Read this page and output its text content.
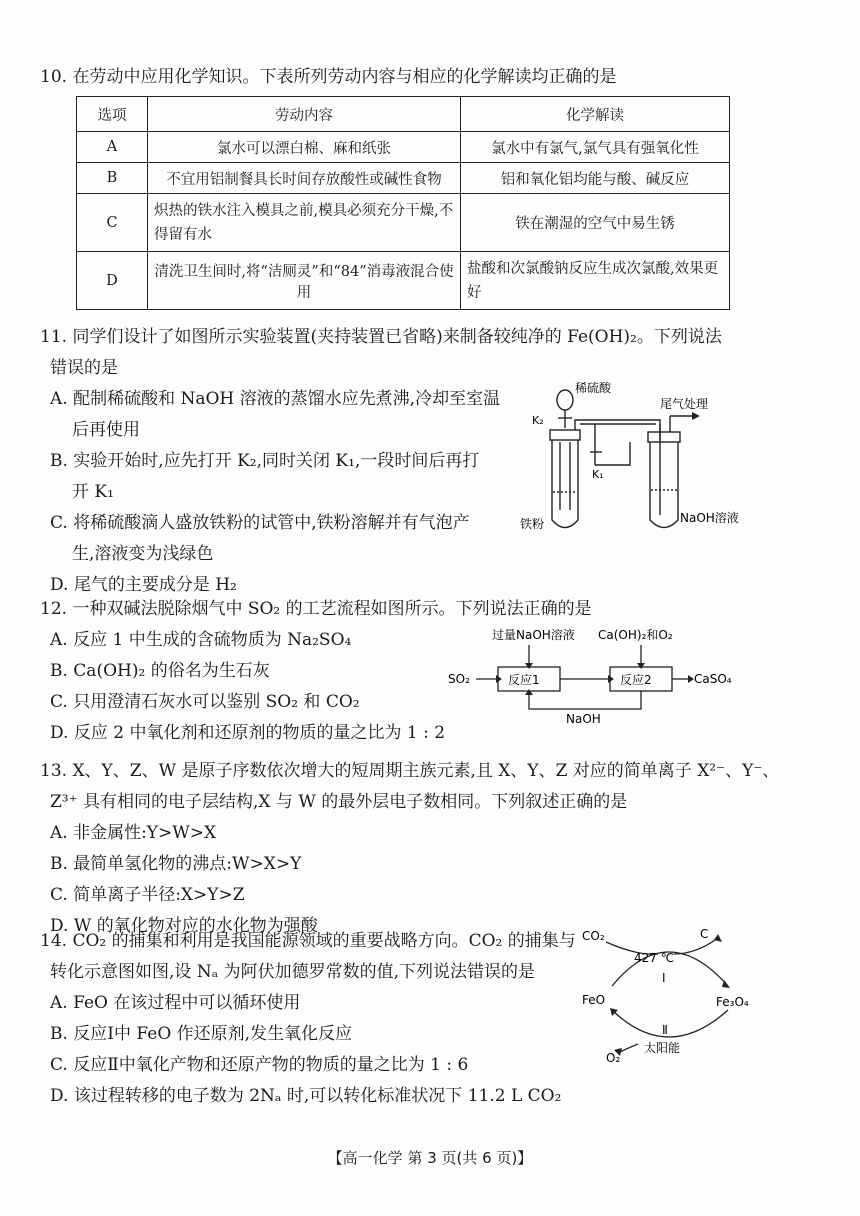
10. 在劳动中应用化学知识。下表所列劳动内容与相应的化学解读均正确的是
选项	劳动内容	化学解读
A	氯水可以漂白棉、麻和纸张	氯水中有氯气,氯气具有强氧化性
B	不宜用铝制餐具长时间存放酸性或碱性食物	铝和氧化铝均能与酸、碱反应
C	炽热的铁水注入模具之前,模具必须充分干燥,不得留有水	铁在潮湿的空气中易生锈
D	清洗卫生间时,将“洁厕灵”和“84”消毒液混合使用	盐酸和次氯酸钠反应生成次氯酸,效果更好
11. 同学们设计了如图所示实验装置(夹持装置已省略)来制备较纯净的 Fe(OH)₂。下列说法
错误的是
A. 配制稀硫酸和 NaOH 溶液的蒸馏水应先煮沸,冷却至室温
后再使用
B. 实验开始时,应先打开 K₂,同时关闭 K₁,一段时间后再打
开 K₁
C. 将稀硫酸滴人盛放铁粉的试管中,铁粉溶解并有气泡产
生,溶液变为浅绿色
D. 尾气的主要成分是 H₂
稀硫酸
尾气处理
K₂
K₁
铁粉	NaOH溶液
12. 一种双碱法脱除烟气中 SO₂ 的工艺流程如图所示。下列说法正确的是
A. 反应 1 中生成的含硫物质为 Na₂SO₄
B. Ca(OH)₂ 的俗名为生石灰
C. 只用澄清石灰水可以鉴别 SO₂ 和 CO₂
D. 反应 2 中氧化剂和还原剂的物质的量之比为 1 : 2
过量NaOH溶液 Ca(OH)₂和O₂
SO₂	反应1	反应2	CaSO₄
NaOH
13. X、Y、Z、W 是原子序数依次增大的短周期主族元素,且 X、Y、Z 对应的简单离子 X²⁻、Y⁻、
Z³⁺ 具有相同的电子层结构,X 与 W 的最外层电子数相同。下列叙述正确的是
A. 非金属性:Y>W>X
B. 最简单氢化物的沸点:W>X>Y
C. 简单离子半径:X>Y>Z
D. W 的氧化物对应的水化物为强酸
14. CO₂ 的捕集和利用是我国能源领域的重要战略方向。CO₂ 的捕集与
转化示意图如图,设 Nₐ 为阿伏加德罗常数的值,下列说法错误的是
A. FeO 在该过程中可以循环使用
B. 反应Ⅰ中 FeO 作还原剂,发生氧化反应
C. 反应Ⅱ中氧化产物和还原产物的物质的量之比为 1 : 6
D. 该过程转移的电子数为 2Nₐ 时,可以转化标准状况下 11.2 L CO₂
CO₂	C
427 ℃
Ⅰ
FeO	Fe₃O₄
Ⅱ
O₂
太阳能
【高一化学 第 3 页(共 6 页)】
